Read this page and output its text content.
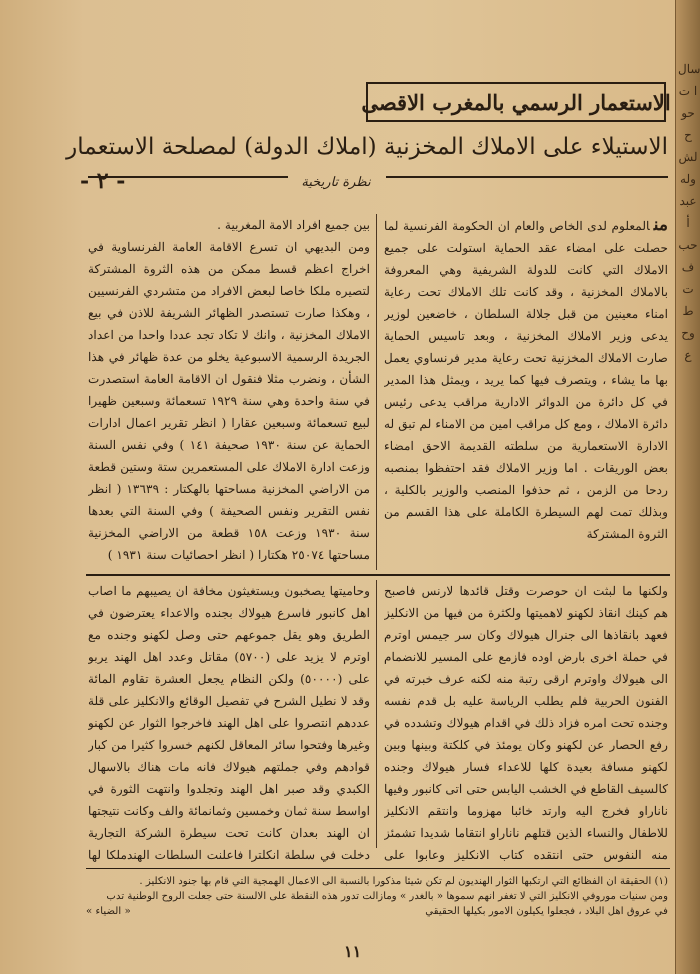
سال ا ت حو ح لش وله عبد أ حب ف ت ط وح ع
الاستعمار الرسمي بالمغرب الاقصى
الاستيلاء على الاملاك المخزنية (املاك الدولة) لمصلحة الاستعمار
- ٢ -	نظرة تاريخية

منالمعلوم لدى الخاص والعام ان الحكومة الفرنسية لما حصلت على امضاء عقد الحماية استولت على جميع الاملاك التي كانت للدولة الشريفية وهي المعروفة بالاملاك المخزنية ، وقد كانت تلك الاملاك تحت رعاية امناء معينين من قبل جلالة السلطان ، خاضعين لوزير يدعى وزير الاملاك المخزنية ، وبعد تاسيس الحماية صارت الاملاك المخزنية تحت رعاية مدير فرنساوي يعمل بها ما يشاء ، ويتصرف فيها كما يريد ، ويمثل هذا المدير في كل دائرة من الدوائر الادارية مراقب يدعى رئيس دائرة الاملاك ، ومع كل مراقب امين من الامناء لم تبق له الادارة الاستعمارية من سلطته القديمة الاحق امضاء بعض الوريقات . اما وزير الاملاك فقد احتفظوا بمنصبه ردحا من الزمن ، ثم حذفوا المنصب والوزير بالكلية ، وبذلك تمت لهم السيطرة الكاملة على هذا القسم من الثروة المشتركة

بين جميع افراد الامة المغربية .

ومن البديهي ان تسرع الاقامة العامة الفرنساوية في اخراج اعظم قسط ممكن من هذه الثروة المشتركة لتصيره ملكا خاصا لبعض الافراد من متشردي الفرنسيين ، وهكذا صارت تستصدر الظهائر الشريفة للاذن في بيع الاملاك المخزنية ، وانك لا تكاد تجد عددا واحدا من اعداد الجريدة الرسمية الاسبوعية يخلو من عدة ظهائر في هذا الشأن ، ونضرب مثلا فنقول ان الاقامة العامة استصدرت في سنة واحدة وهي سنة ١٩٢٩ تسعمائة وسبعين ظهيرا لبيع تسعمائة وسبعين عقارا ( انظر تقرير اعمال ادارات الحماية عن سنة ١٩٣٠ صحيفة ١٤١ ) وفي نفس السنة وزعت ادارة الاملاك على المستعمرين ستة وستين قطعة من الاراضي المخزنية مساحتها بالهكتار : ١٣٦٣٩ ( انظر نفس التقرير ونفس الصحيفة ) وفي السنة التي بعدها سنة ١٩٣٠ وزعت ١٥٨ قطعة من الاراضي المخزنية مساحتها ٢٥٠٧٤ هكتارا ( انظر احصائيات سنة ١٩٣١ )

ولكنها ما لبثت ان حوصرت وقتل قائدها لارنس فاصبح هم كينك انقاذ لكهنو لاهميتها ولكثرة من فيها من الانكليز فعهد بانقاذها الى جنرال هيولاك وكان سر جيمس اوترم في حملة اخرى بارض اوده فازمع على المسير للانضمام الى هيولاك واوترم ارقى رتبة منه لكنه عرف خبرته في الفنون الحربية فلم يطلب الرياسة عليه بل قدم نفسه وجنده تحت امره فزاد ذلك في اقدام هيولاك وتشدده في رفع الحصار عن لكهنو وكان يومئذ في كلكتة وبينها وبين لكهنو مسافة بعيدة كلها للاعداء فسار هيولاك وجنده كالسيف القاطع في الخشب اليابس حتى اتى كانبور وفيها ناناراو فخرج اليه وارتد خائبا مهزوما وانتقم الانكليز للاطفال والنساء الذين قتلهم ناناراو انتقاما شديدا تشمئز منه النفوس حتى انتقده كتاب الانكليز وعابوا على

وحاميتها يصخبون ويستغيثون مخافة ان يصيبهم ما اصاب اهل كانبور فاسرع هيولاك بجنده والاعداء يعترضون في الطريق وهو يقل جموعهم حتى وصل لكهنو وجنده مع اوترم لا يزيد على (٥٧٠٠) مقاتل وعدد اهل الهند يربو على (٥٠٠٠٠) ولكن النظام يجعل العشرة تقاوم المائة وقد لا نطيل الشرح في تفصيل الوقائع والانكليز على قلة عددهم انتصروا على اهل الهند فاخرجوا الثوار عن لكهنو وغيرها وفتحوا سائر المعاقل لكنهم خسروا كثيرا من كبار قوادهم وفي جملتهم هيولاك فانه مات هناك بالاسهال الكبدي وقد صبر اهل الهند وتجلدوا وانتهت الثورة في اواسط سنة ثمان وخمسين وثمانمائة والف وكانت نتيجتها ان الهند بعدان كانت تحت سيطرة الشركة التجارية دخلت في سلطة انكلترا فاعلنت السلطات الهندملكا لها

(١) الحقيقة ان الفظائع التي ارتكبها الثوار الهنديون لم تكن شيئا مذكورا بالنسبة الى الاعمال الهمجية التي قام بها جنود الانكليز .

ومن سنيات موروفي الانكليز التي لا تغفر انهم سموها « بالغدر » ومازالت تدور هذه النقطة على الالسنة حتى جعلت الروح الوطنية تدب

في عروق اهل البلاد ، فجعلوا يكيلون الامور بكيلها الحقيقي
« الضياء »

١١
